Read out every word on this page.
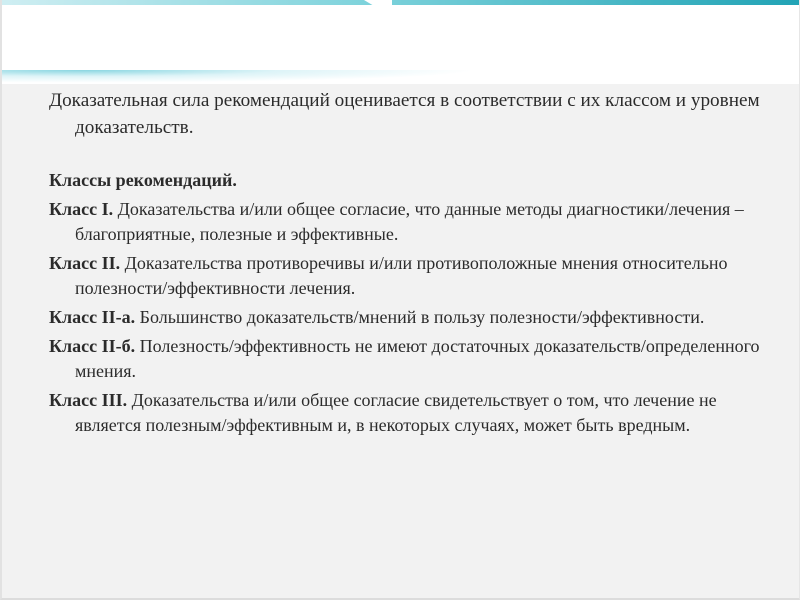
Доказательная сила рекомендаций оценивается в соответствии с их классом и уровнем доказательств.

Классы рекомендаций.

Класс I. Доказательства и/или общее согласие, что данные методы диагностики/лечения – благоприятные, полезные и эффективные.

Класс II. Доказательства противоречивы и/или противоположные мнения относительно полезности/эффективности лечения.

Класс II-а. Большинство доказательств/мнений в пользу полезности/эффективности.

Класс II-б. Полезность/эффективность не имеют достаточных доказательств/определенного мнения.

Класс III. Доказательства и/или общее согласие свидетельствует о том, что лечение не является полезным/эффективным и, в некоторых случаях, может быть вредным.
